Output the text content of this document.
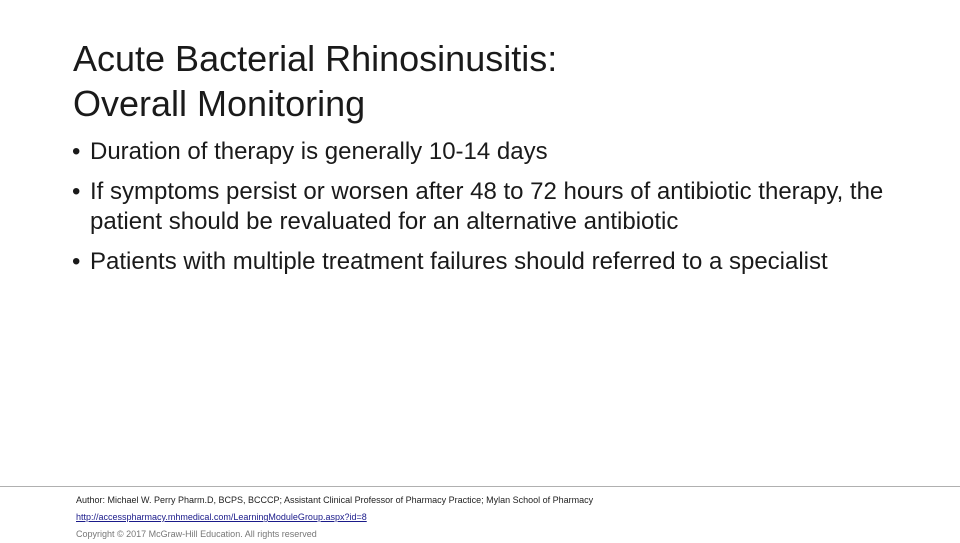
Acute Bacterial Rhinosinusitis:
Overall Monitoring
• Duration of therapy is generally 10-14 days
• If symptoms persist or worsen after 48 to 72 hours of antibiotic therapy, the patient should be revaluated for an alternative antibiotic
• Patients with multiple treatment failures should referred to a specialist
Author: Michael W. Perry Pharm.D, BCPS, BCCCP; Assistant Clinical Professor of Pharmacy Practice; Mylan School of Pharmacy
http://accesspharmacy.mhmedical.com/LearningModuleGroup.aspx?id=8
Copyright © 2017 McGraw-Hill Education. All rights reserved
